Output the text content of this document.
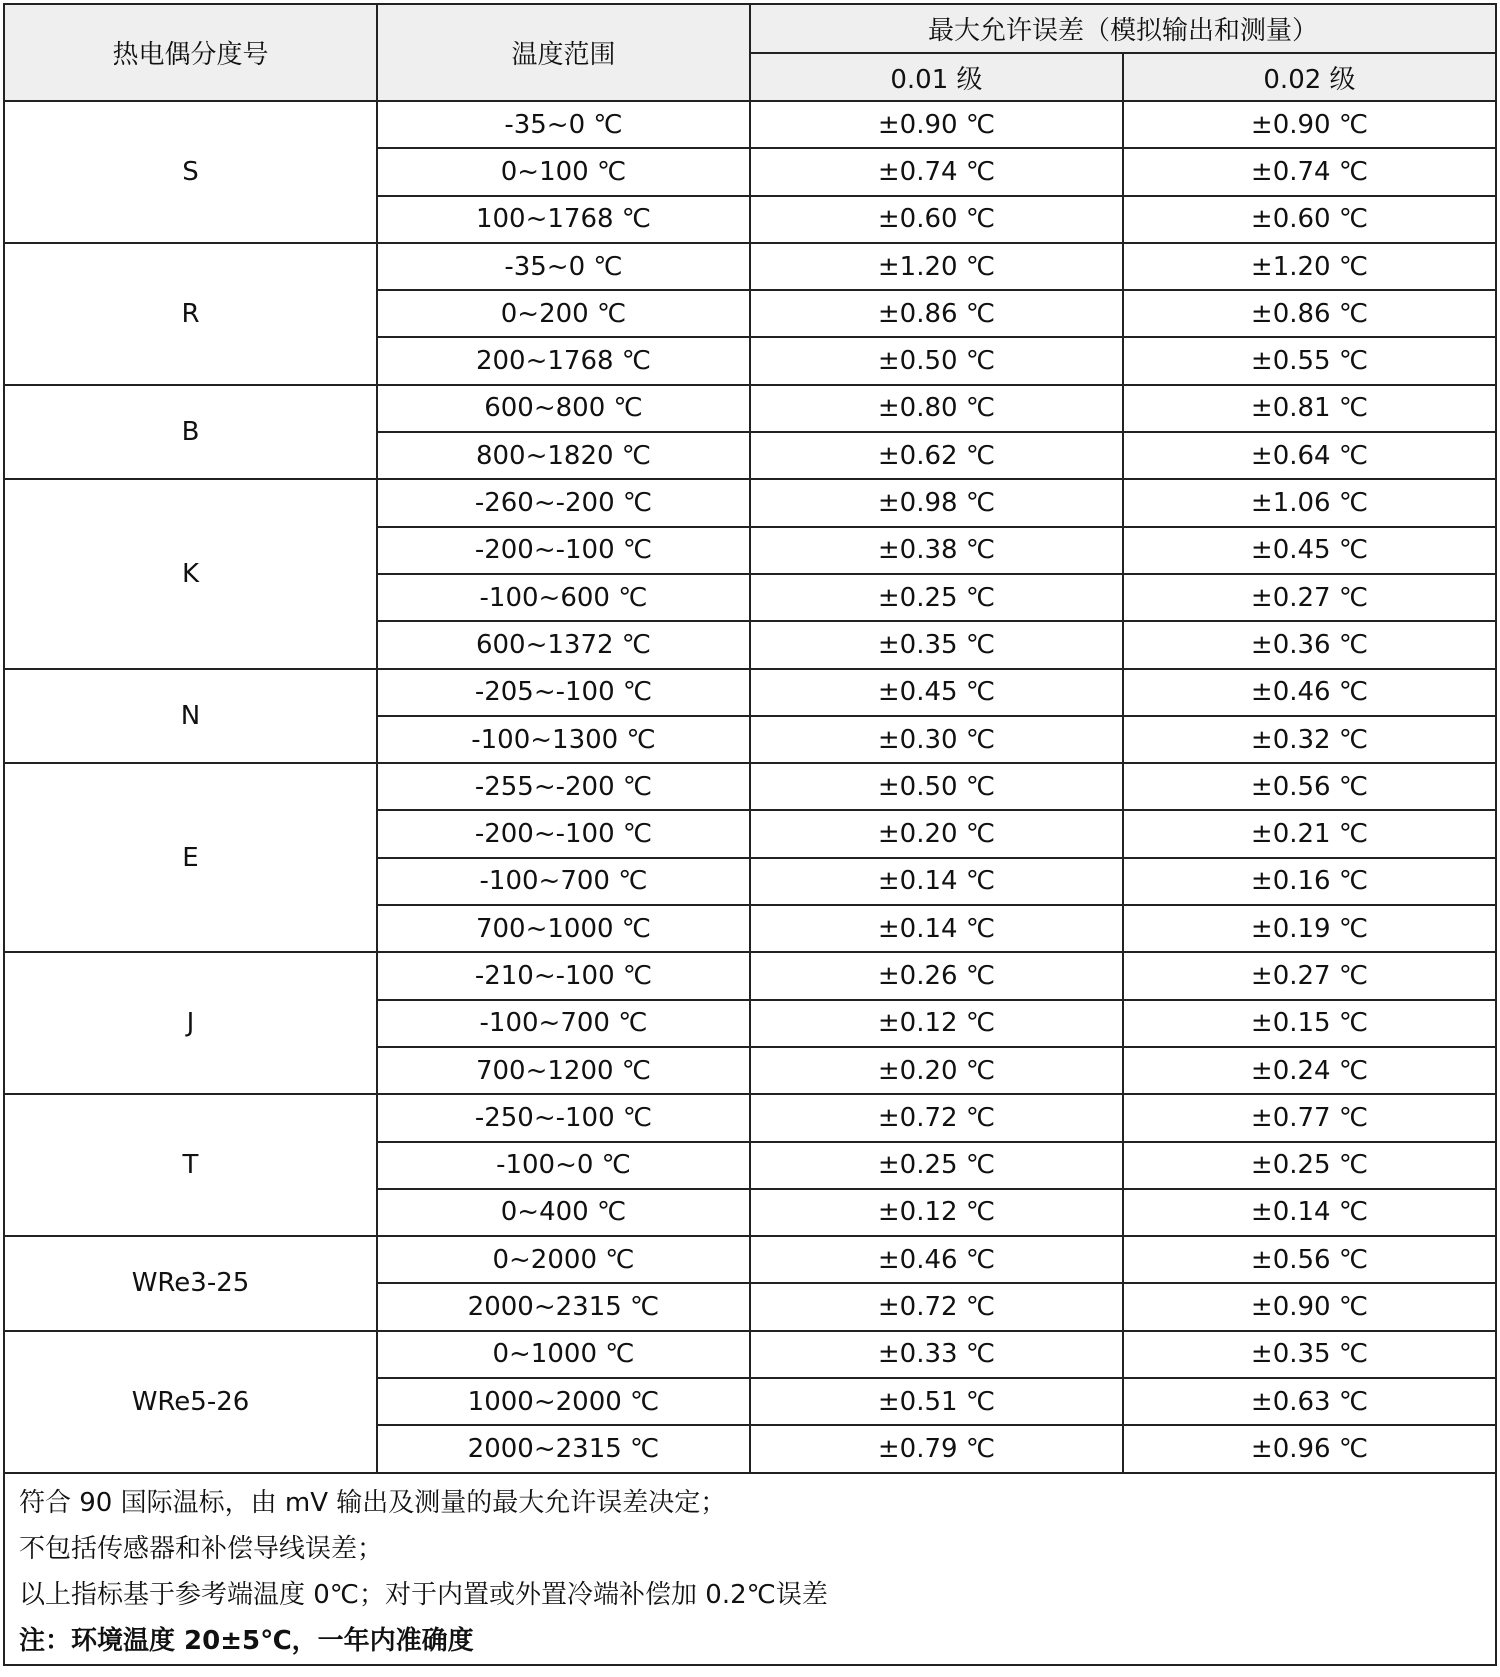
热电偶分度号	温度范围	最大允许误差（模拟输出和测量）	
		0.01 级	0.02 级
S	-35~0 ℃	±0.90 ℃	±0.90 ℃
	0~100 ℃	±0.74 ℃	±0.74 ℃
	100~1768 ℃	±0.60 ℃	±0.60 ℃
R	-35~0 ℃	±1.20 ℃	±1.20 ℃
	0~200 ℃	±0.86 ℃	±0.86 ℃
	200~1768 ℃	±0.50 ℃	±0.55 ℃
B	600~800 ℃	±0.80 ℃	±0.81 ℃
	800~1820 ℃	±0.62 ℃	±0.64 ℃
K	-260~-200 ℃	±0.98 ℃	±1.06 ℃
	-200~-100 ℃	±0.38 ℃	±0.45 ℃
	-100~600 ℃	±0.25 ℃	±0.27 ℃
	600~1372 ℃	±0.35 ℃	±0.36 ℃
N	-205~-100 ℃	±0.45 ℃	±0.46 ℃
	-100~1300 ℃	±0.30 ℃	±0.32 ℃
E	-255~-200 ℃	±0.50 ℃	±0.56 ℃
	-200~-100 ℃	±0.20 ℃	±0.21 ℃
	-100~700 ℃	±0.14 ℃	±0.16 ℃
	700~1000 ℃	±0.14 ℃	±0.19 ℃
J	-210~-100 ℃	±0.26 ℃	±0.27 ℃
	-100~700 ℃	±0.12 ℃	±0.15 ℃
	700~1200 ℃	±0.20 ℃	±0.24 ℃
T	-250~-100 ℃	±0.72 ℃	±0.77 ℃
	-100~0 ℃	±0.25 ℃	±0.25 ℃
	0~400 ℃	±0.12 ℃	±0.14 ℃
WRe3-25	0~2000 ℃	±0.46 ℃	±0.56 ℃
	2000~2315 ℃	±0.72 ℃	±0.90 ℃
WRe5-26	0~1000 ℃	±0.33 ℃	±0.35 ℃
	1000~2000 ℃	±0.51 ℃	±0.63 ℃
	2000~2315 ℃	±0.79 ℃	±0.96 ℃

符合 90 国际温标，由 mV 输出及测量的最大允许误差决定；
不包括传感器和补偿导线误差；
以上指标基于参考端温度 0℃；对于内置或外置冷端补偿加 0.2℃误差
注：环境温度 20±5℃，一年内准确度			
